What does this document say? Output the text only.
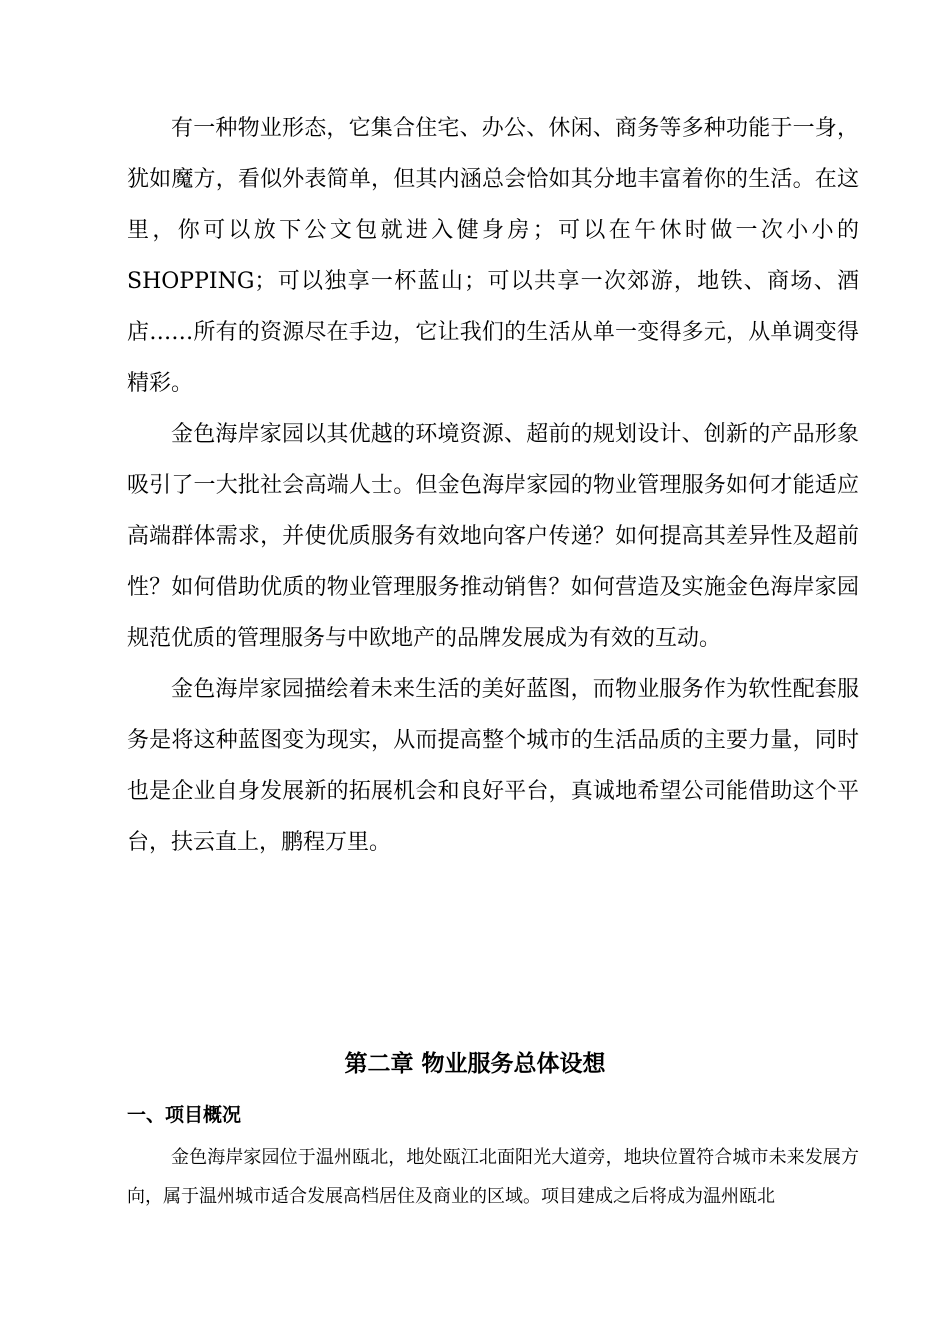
有一种物业形态，它集合住宅、办公、休闲、商务等多种功能于一身，犹如魔方，看似外表简单，但其内涵总会恰如其分地丰富着你的生活。在这里，你可以放下公文包就进入健身房；可以在午休时做一次小小的SHOPPING；可以独享一杯蓝山；可以共享一次郊游，地铁、商场、酒店……所有的资源尽在手边，它让我们的生活从单一变得多元，从单调变得精彩。

金色海岸家园以其优越的环境资源、超前的规划设计、创新的产品形象吸引了一大批社会高端人士。但金色海岸家园的物业管理服务如何才能适应高端群体需求，并使优质服务有效地向客户传递？如何提高其差异性及超前性？如何借助优质的物业管理服务推动销售？如何营造及实施金色海岸家园规范优质的管理服务与中欧地产的品牌发展成为有效的互动。

金色海岸家园描绘着未来生活的美好蓝图，而物业服务作为软性配套服务是将这种蓝图变为现实，从而提高整个城市的生活品质的主要力量，同时也是企业自身发展新的拓展机会和良好平台，真诚地希望公司能借助这个平台，扶云直上，鹏程万里。

第二章 物业服务总体设想
一、项目概况

金色海岸家园位于温州瓯北，地处瓯江北面阳光大道旁，地块位置符合城市未来发展方向，属于温州城市适合发展高档居住及商业的区域。项目建成之后将成为温州瓯北
